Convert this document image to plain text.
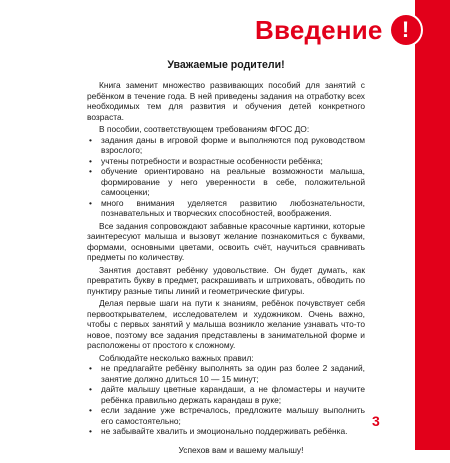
Введение !

Уважаемые родители!

Книга заменит множество развивающих пособий для занятий с ребёнком в течение года. В ней приведены задания на отработку всех необходимых тем для развития и обучения детей конкретного возраста.

В пособии, соответствующем требованиям ФГОС ДО:

• задания даны в игровой форме и выполняются под руководством взрослого;
• учтены потребности и возрастные особенности ребёнка;
• обучение ориентировано на реальные возможности малыша, формирование у него уверенности в себе, положительной самооценки;
• много внимания уделяется развитию любознательности, познавательных и творческих способностей, воображения.

Все задания сопровождают забавные красочные картинки, которые заинтересуют малыша и вызовут желание познакомиться с буквами, формами, основными цветами, освоить счёт, научиться сравнивать предметы по количеству.

Занятия доставят ребёнку удовольствие. Он будет думать, как превратить букву в предмет, раскрашивать и штриховать, обводить по пунктиру разные типы линий и геометрические фигуры.

Делая первые шаги на пути к знаниям, ребёнок почувствует себя первооткрывателем, исследователем и художником. Очень важно, чтобы с первых занятий у малыша возникло желание узнавать что-то новое, поэтому все задания представлены в занимательной форме и расположены от простого к сложному.

Соблюдайте несколько важных правил:

• не предлагайте ребёнку выполнять за один раз более 2 заданий, занятие должно длиться 10 — 15 минут;
• дайте малышу цветные карандаши, а не фломастеры и научите ребёнка правильно держать карандаш в руке;
• если задание уже встречалось, предложите малышу выполнить его самостоятельно;
• не забывайте хвалить и эмоционально поддерживать ребёнка.

Успехов вам и вашему малышу!

3
